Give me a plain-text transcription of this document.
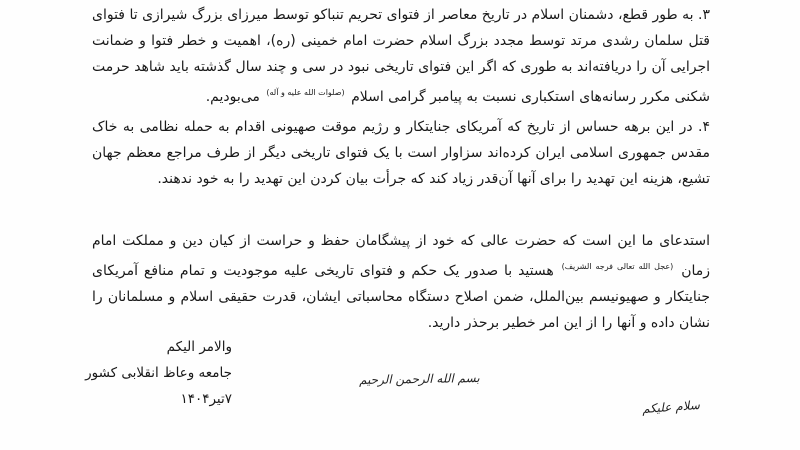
۳. به طور قطع، دشمنان اسلام در تاریخ معاصر از فتوای تحریم تنباکو توسط میرزای بزرگ شیرازی تا فتوای قتل سلمان رشدی مرتد توسط مجدد بزرگ اسلام حضرت امام خمینی (ره)، اهمیت و خطر فتوا و ضمانت اجرایی آن را دریافته‌اند به طوری که اگر این فتوای تاریخی نبود در سی و چند سال گذشته باید شاهد حرمت شکنی مکرر رسانه‌های استکباری نسبت به پیامبر گرامی اسلام $^{(صلوات الله علیه و آله)}$ می‌بودیم.
۴. در این برهه حساس از تاریخ که آمریکای جنایتکار و رژیم موقت صهیونی اقدام به حمله نظامی به خاک مقدس جمهوری اسلامی ایران کرده‌اند سزاوار است با یک فتوای تاریخی دیگر از طرف مراجع معظم جهان تشیع، هزینه این تهدید را برای آنها آن‌قدر زیاد کند که جرأت بیان کردن این تهدید را به خود ندهند.
استدعای ما این است که حضرت عالی که خود از پیشگامان حفظ و حراست از کیان دین و مملکت امام زمان $^{(عجل الله تعالی فرجه الشریف)}$ هستید با صدور یک حکم و فتوای تاریخی علیه موجودیت و تمام منافع آمریکای جنایتکار و صهیونیسم بین‌الملل، ضمن اصلاح دستگاه محاسباتی ایشان، قدرت حقیقی اسلام و مسلمانان را نشان داده و آنها را از این امر خطیر برحذر دارید.
والامر الیکم
جامعه وعاظ انقلابی کشور
۷تیر۱۴۰۴
بسم الله الرحمن الرحیم
سلام علیکم
